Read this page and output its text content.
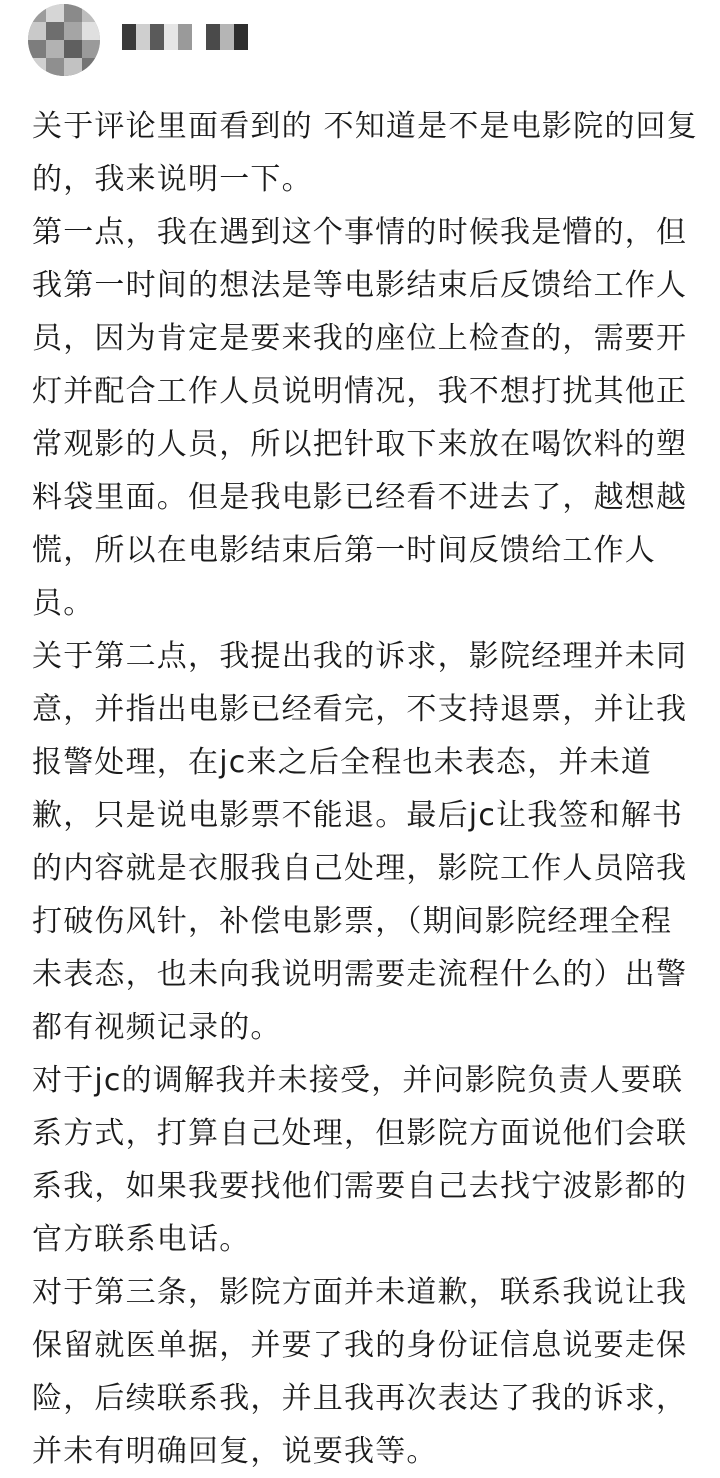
关于评论里面看到的 不知道是不是电影院的回复的，我来说明一下。

第一点，我在遇到这个事情的时候我是懵的，但我第一时间的想法是等电影结束后反馈给工作人员，因为肯定是要来我的座位上检查的，需要开灯并配合工作人员说明情况，我不想打扰其他正常观影的人员，所以把针取下来放在喝饮料的塑料袋里面。但是我电影已经看不进去了，越想越慌，所以在电影结束后第一时间反馈给工作人员。

关于第二点，我提出我的诉求，影院经理并未同意，并指出电影已经看完，不支持退票，并让我报警处理，在jc来之后全程也未表态，并未道歉，只是说电影票不能退。最后jc让我签和解书的内容就是衣服我自己处理，影院工作人员陪我打破伤风针，补偿电影票，（期间影院经理全程未表态，也未向我说明需要走流程什么的）出警都有视频记录的。

对于jc的调解我并未接受，并问影院负责人要联系方式，打算自己处理，但影院方面说他们会联系我，如果我要找他们需要自己去找宁波影都的官方联系电话。

对于第三条，影院方面并未道歉，联系我说让我保留就医单据，并要了我的身份证信息说要走保险，后续联系我，并且我再次表达了我的诉求，并未有明确回复，说要我等。
